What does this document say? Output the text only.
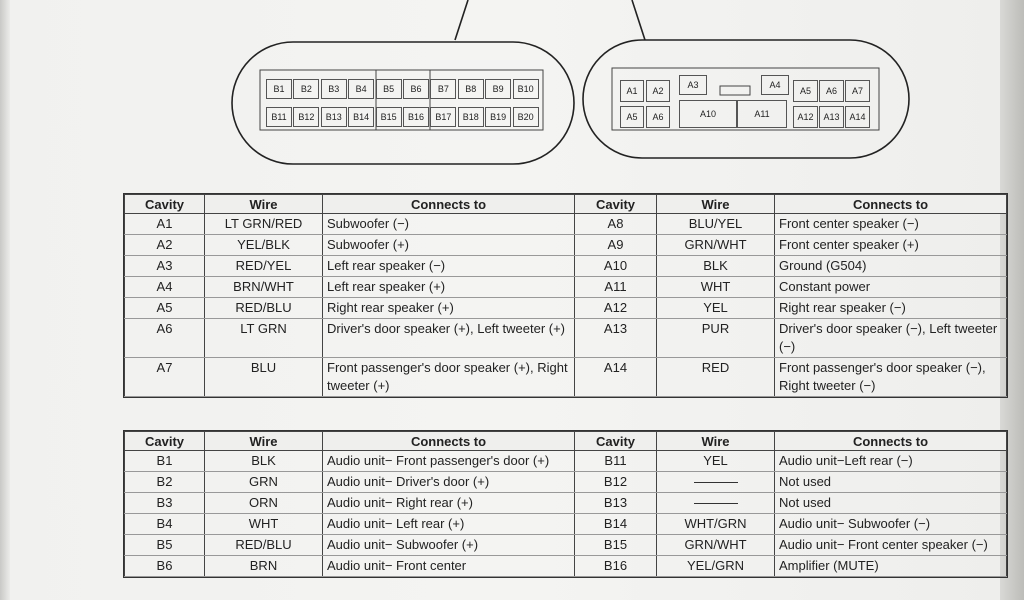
B1	B2	B3	B4	B5	B6	B7	B8	B9	B10
B11	B12	B13	B14	B15	B16	B17	B18	B19	B20
A1	A2
A5	A6
A3	A4
A10	A11
A5	A6	A7
A12	A13	A14
Cavity	Wire	Connects to	Cavity	Wire	Connects to
A1	LT GRN/RED	Subwoofer (−)	A8	BLU/YEL	Front center speaker (−)
A2	YEL/BLK	Subwoofer (+)	A9	GRN/WHT	Front center speaker (+)
A3	RED/YEL	Left rear speaker (−)	A10	BLK	Ground (G504)
A4	BRN/WHT	Left rear speaker (+)	A11	WHT	Constant power
A5	RED/BLU	Right rear speaker (+)	A12	YEL	Right rear speaker (−)
A6	LT GRN	Driver's door speaker (+), Left tweeter (+)	A13	PUR	Driver's door speaker (−), Left tweeter (−)
A7	BLU	Front passenger's door speaker (+), Right tweeter (+)	A14	RED	Front passenger's door speaker (−), Right tweeter (−)
Cavity	Wire	Connects to	Cavity	Wire	Connects to
B1	BLK	Audio unit− Front passenger's door (+)	B11	YEL	Audio unit−Left rear (−)
B2	GRN	Audio unit− Driver's door (+)	B12		Not used
B3	ORN	Audio unit− Right rear (+)	B13		Not used
B4	WHT	Audio unit− Left rear (+)	B14	WHT/GRN	Audio unit− Subwoofer (−)
B5	RED/BLU	Audio unit− Subwoofer (+)	B15	GRN/WHT	Audio unit− Front center speaker (−)
B6	BRN	Audio unit− Front center	B16	YEL/GRN	Amplifier (MUTE)
